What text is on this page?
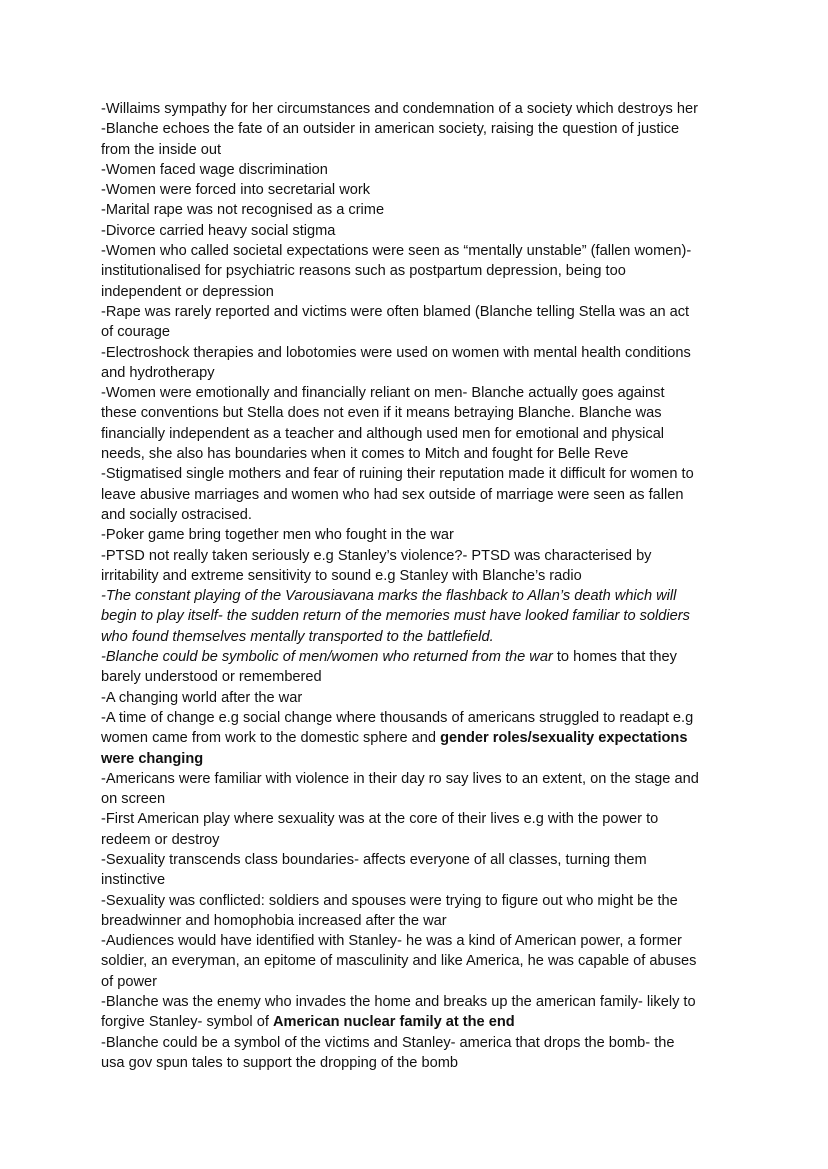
-Willaims sympathy for her circumstances and condemnation of a society which destroys her
-Blanche echoes the fate of an outsider in american society, raising the question of justice
from the inside out
-Women faced wage discrimination
-Women were forced into secretarial work
-Marital rape was not recognised as a crime
-Divorce carried heavy social stigma
-Women who called societal expectations were seen as “mentally unstable” (fallen women)-
institutionalised for psychiatric reasons such as postpartum depression, being too
independent or depression
-Rape was rarely reported and victims were often blamed (Blanche telling Stella was an act
of courage
-Electroshock therapies and lobotomies were used on women with mental health conditions
and hydrotherapy
-Women were emotionally and financially reliant on men- Blanche actually goes against
these conventions but Stella does not even if it means betraying Blanche. Blanche was
financially independent as a teacher and although used men for emotional and physical
needs, she also has boundaries when it comes to Mitch and fought for Belle Reve
-Stigmatised single mothers and fear of ruining their reputation made it difficult for women to
leave abusive marriages and women who had sex outside of marriage were seen as fallen
and socially ostracised.
-Poker game bring together men who fought in the war
-PTSD not really taken seriously e.g Stanley’s violence?- PTSD was characterised by
irritability and extreme sensitivity to sound e.g Stanley with Blanche’s radio
-The constant playing of the Varousiavana marks the flashback to Allan’s death which will
begin to play itself- the sudden return of the memories must have looked familiar to soldiers
who found themselves mentally transported to the battlefield.
-Blanche could be symbolic of men/women who returned from the war to homes that they
barely understood or remembered
-A changing world after the war
-A time of change e.g social change where thousands of americans struggled to readapt e.g
women came from work to the domestic sphere and gender roles/sexuality expectations
were changing
-Americans were familiar with violence in their day ro say lives to an extent, on the stage and
on screen
-First American play where sexuality was at the core of their lives e.g with the power to
redeem or destroy
-Sexuality transcends class boundaries- affects everyone of all classes, turning them
instinctive
-Sexuality was conflicted: soldiers and spouses were trying to figure out who might be the
breadwinner and homophobia increased after the war
-Audiences would have identified with Stanley- he was a kind of American power, a former
soldier, an everyman, an epitome of masculinity and like America, he was capable of abuses
of power
-Blanche was the enemy who invades the home and breaks up the american family- likely to
forgive Stanley- symbol of American nuclear family at the end
-Blanche could be a symbol of the victims and Stanley- america that drops the bomb- the
usa gov spun tales to support the dropping of the bomb
